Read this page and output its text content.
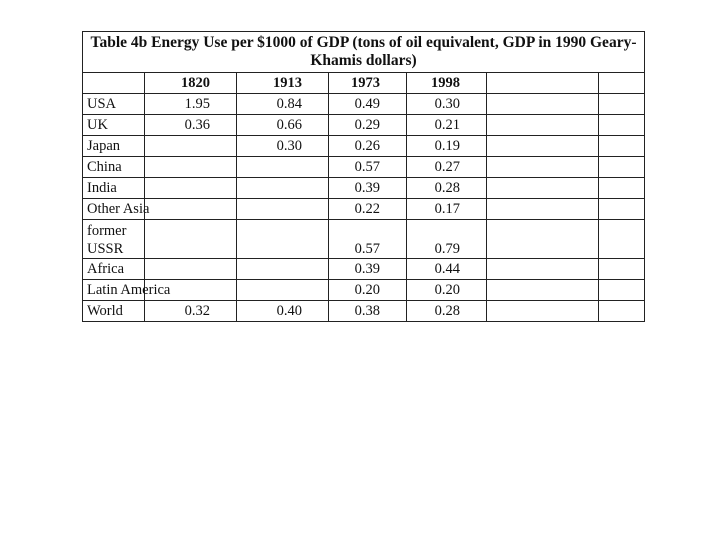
Table 4b Energy Use per $1000 of GDP (tons of oil equivalent, GDP in 1990 Geary-Khamis dollars)						
	1820	1913	1973	1998		
USA	1.95	0.84	0.49	0.30		
UK	0.36	0.66	0.29	0.21		
Japan		0.30	0.26	0.19		
China			0.57	0.27		
India			0.39	0.28		
Other Asia			0.22	0.17		
former USSR			0.57	0.79		
Africa			0.39	0.44		
Latin America			0.20	0.20		
World	0.32	0.40	0.38	0.28		
